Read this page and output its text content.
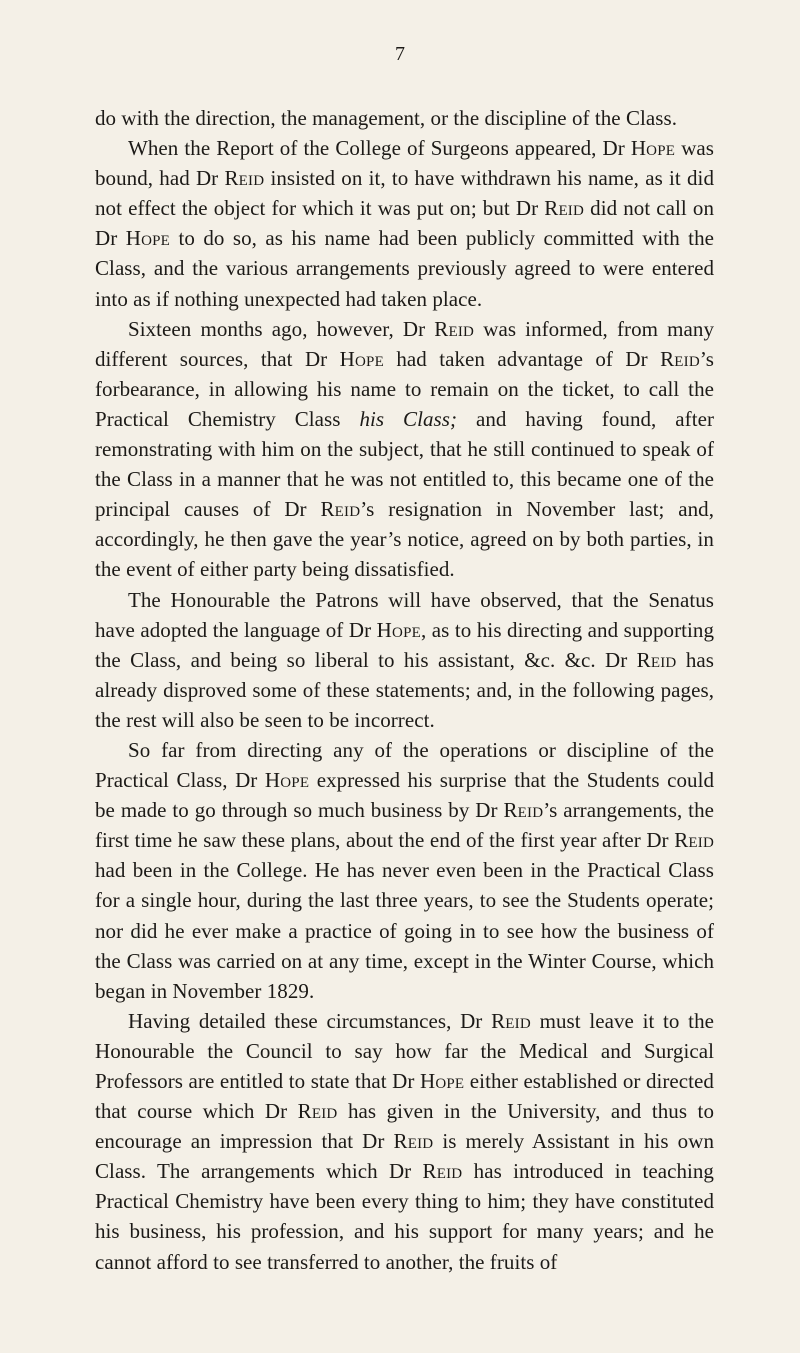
7

do with the direction, the management, or the discipline of the Class.

When the Report of the College of Surgeons appeared, Dr Hope was bound, had Dr Reid insisted on it, to have withdrawn his name, as it did not effect the object for which it was put on; but Dr Reid did not call on Dr Hope to do so, as his name had been publicly committed with the Class, and the various arrangements previously agreed to were entered into as if nothing unexpected had taken place.

Sixteen months ago, however, Dr Reid was informed, from many different sources, that Dr Hope had taken advantage of Dr Reid’s forbearance, in allowing his name to remain on the ticket, to call the Practical Chemistry Class his Class; and having found, after remonstrating with him on the subject, that he still continued to speak of the Class in a manner that he was not entitled to, this became one of the principal causes of Dr Reid’s resignation in November last; and, accordingly, he then gave the year’s notice, agreed on by both parties, in the event of either party being dissatisfied.

The Honourable the Patrons will have observed, that the Senatus have adopted the language of Dr Hope, as to his directing and supporting the Class, and being so liberal to his assistant, &c. &c. Dr Reid has already disproved some of these statements; and, in the following pages, the rest will also be seen to be incorrect.

So far from directing any of the operations or discipline of the Practical Class, Dr Hope expressed his surprise that the Students could be made to go through so much business by Dr Reid’s arrangements, the first time he saw these plans, about the end of the first year after Dr Reid had been in the College. He has never even been in the Practical Class for a single hour, during the last three years, to see the Students operate; nor did he ever make a practice of going in to see how the business of the Class was carried on at any time, except in the Winter Course, which began in November 1829.

Having detailed these circumstances, Dr Reid must leave it to the Honourable the Council to say how far the Medical and Surgical Professors are entitled to state that Dr Hope either established or directed that course which Dr Reid has given in the University, and thus to encourage an impression that Dr Reid is merely Assistant in his own Class. The arrangements which Dr Reid has introduced in teaching Practical Chemistry have been every thing to him; they have constituted his business, his profession, and his support for many years; and he cannot afford to see transferred to another, the fruits of
